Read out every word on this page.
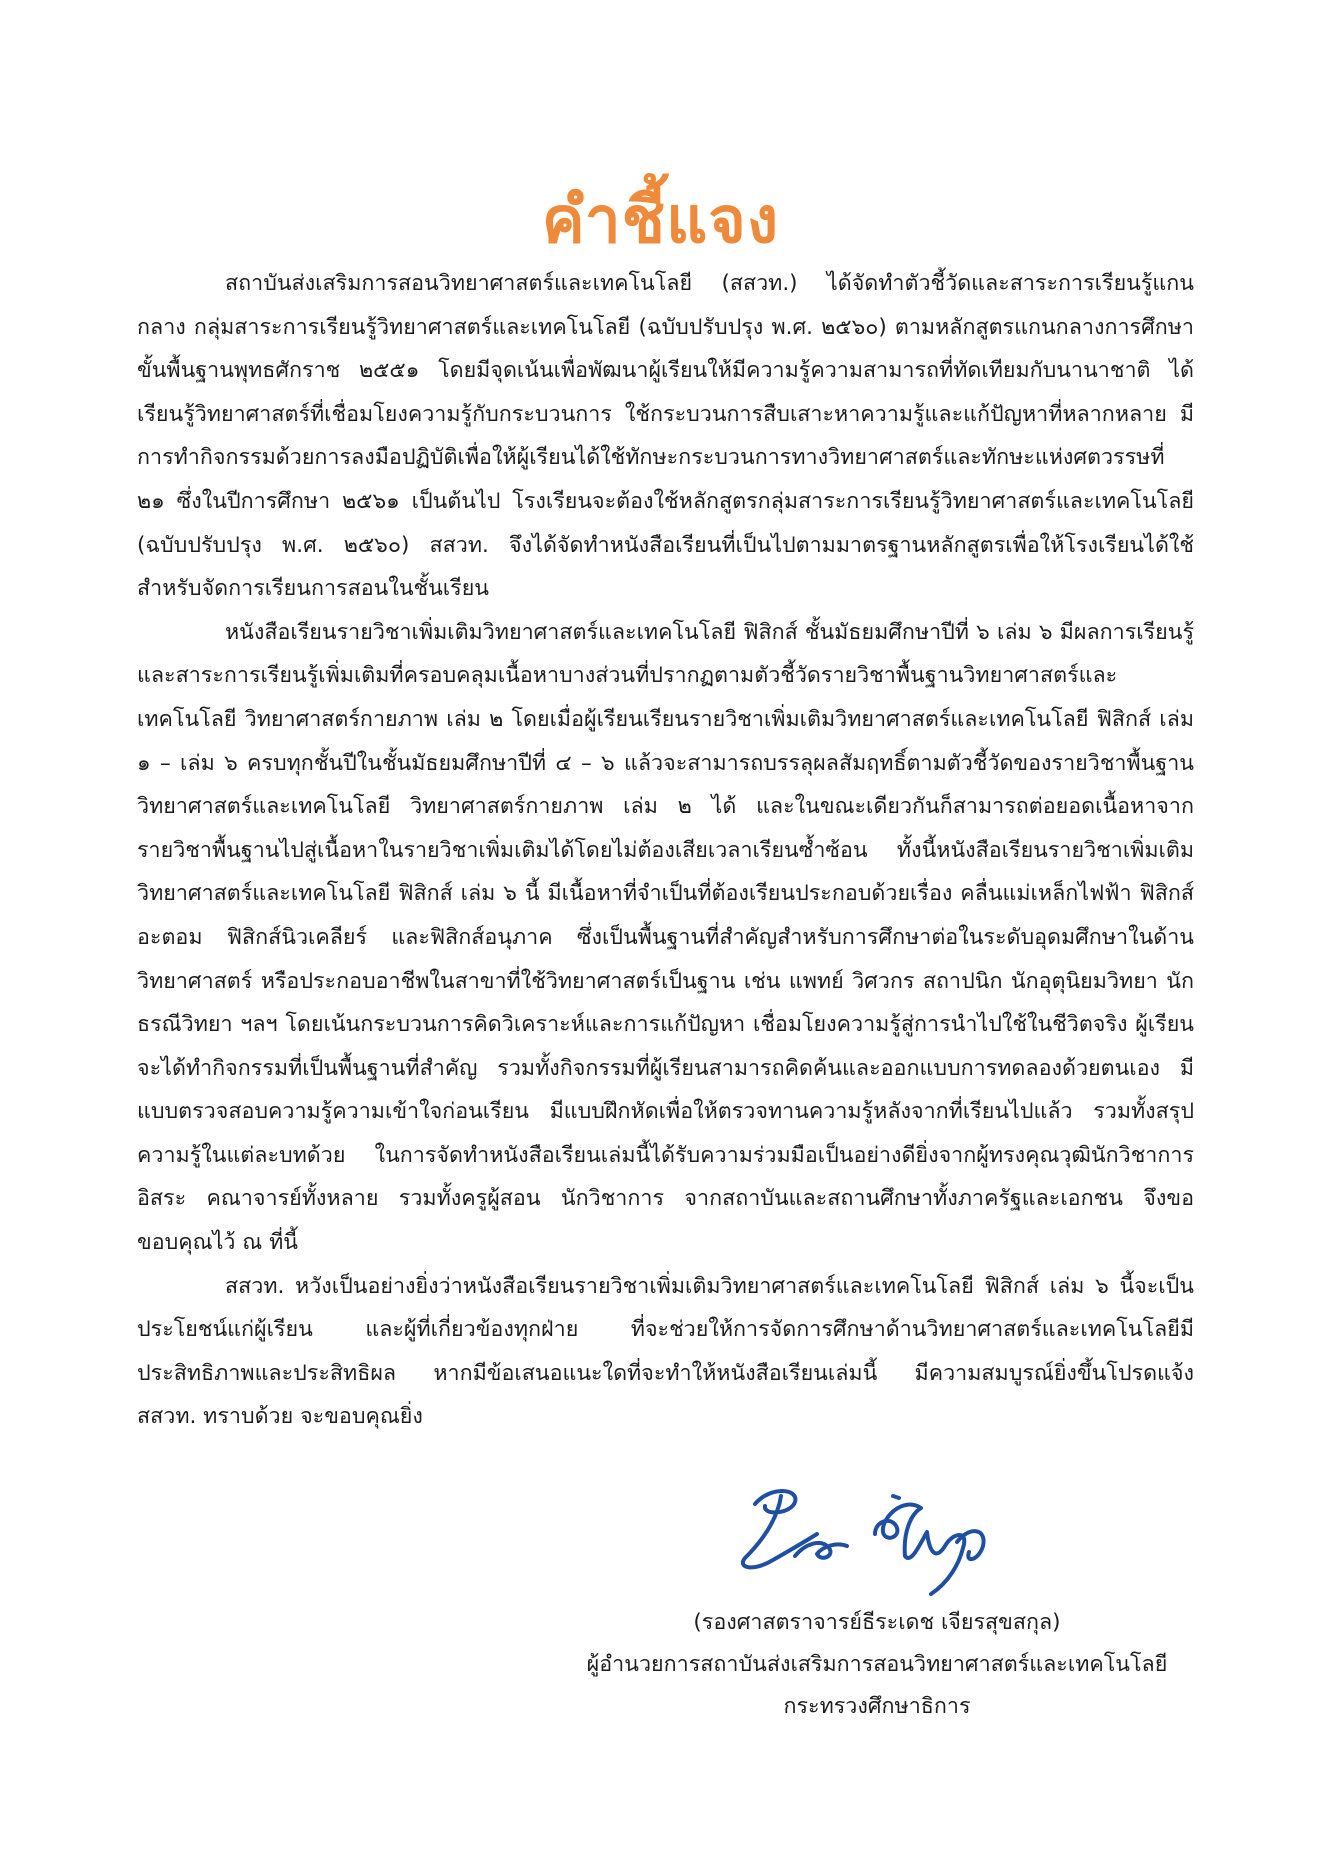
คำชี้แจง

สถาบันส่งเสริมการสอนวิทยาศาสตร์และเทคโนโลยี (สสวท.) ได้จัดทำตัวชี้วัดและสาระการเรียนรู้แกนกลาง กลุ่มสาระการเรียนรู้วิทยาศาสตร์และเทคโนโลยี (ฉบับปรับปรุง พ.ศ. ๒๕๖๐) ตามหลักสูตรแกนกลางการศึกษาขั้นพื้นฐานพุทธศักราช ๒๕๕๑ โดยมีจุดเน้นเพื่อพัฒนาผู้เรียนให้มีความรู้ความสามารถที่ทัดเทียมกับนานาชาติ ได้เรียนรู้วิทยาศาสตร์ที่เชื่อมโยงความรู้กับกระบวนการ ใช้กระบวนการสืบเสาะหาความรู้และแก้ปัญหาที่หลากหลาย มีการทำกิจกรรมด้วยการลงมือปฏิบัติเพื่อให้ผู้เรียนได้ใช้ทักษะกระบวนการทางวิทยาศาสตร์และทักษะแห่งศตวรรษที่ ๒๑ ซึ่งในปีการศึกษา ๒๕๖๑ เป็นต้นไป โรงเรียนจะต้องใช้หลักสูตรกลุ่มสาระการเรียนรู้วิทยาศาสตร์และเทคโนโลยี (ฉบับปรับปรุง พ.ศ. ๒๕๖๐) สสวท. จึงได้จัดทำหนังสือเรียนที่เป็นไปตามมาตรฐานหลักสูตรเพื่อให้โรงเรียนได้ใช้สำหรับจัดการเรียนการสอนในชั้นเรียน

หนังสือเรียนรายวิชาเพิ่มเติมวิทยาศาสตร์และเทคโนโลยี ฟิสิกส์ ชั้นมัธยมศึกษาปีที่ ๖ เล่ม ๖ มีผลการเรียนรู้และสาระการเรียนรู้เพิ่มเติมที่ครอบคลุมเนื้อหาบางส่วนที่ปรากฏตามตัวชี้วัดรายวิชาพื้นฐานวิทยาศาสตร์และเทคโนโลยี วิทยาศาสตร์กายภาพ เล่ม ๒ โดยเมื่อผู้เรียนเรียนรายวิชาเพิ่มเติมวิทยาศาสตร์และเทคโนโลยี ฟิสิกส์ เล่ม ๑ – เล่ม ๖ ครบทุกชั้นปีในชั้นมัธยมศึกษาปีที่ ๔ – ๖ แล้วจะสามารถบรรลุผลสัมฤทธิ์ตามตัวชี้วัดของรายวิชาพื้นฐานวิทยาศาสตร์และเทคโนโลยี วิทยาศาสตร์กายภาพ เล่ม ๒ ได้ และในขณะเดียวกันก็สามารถต่อยอดเนื้อหาจากรายวิชาพื้นฐานไปสู่เนื้อหาในรายวิชาเพิ่มเติมได้โดยไม่ต้องเสียเวลาเรียนซ้ำซ้อน ทั้งนี้หนังสือเรียนรายวิชาเพิ่มเติมวิทยาศาสตร์และเทคโนโลยี ฟิสิกส์ เล่ม ๖ นี้ มีเนื้อหาที่จำเป็นที่ต้องเรียนประกอบด้วยเรื่อง คลื่นแม่เหล็กไฟฟ้า ฟิสิกส์อะตอม ฟิสิกส์นิวเคลียร์ และฟิสิกส์อนุภาค ซึ่งเป็นพื้นฐานที่สำคัญสำหรับการศึกษาต่อในระดับอุดมศึกษาในด้านวิทยาศาสตร์ หรือประกอบอาชีพในสาขาที่ใช้วิทยาศาสตร์เป็นฐาน เช่น แพทย์ วิศวกร สถาปนิก นักอุตุนิยมวิทยา นักธรณีวิทยา ฯลฯ โดยเน้นกระบวนการคิดวิเคราะห์และการแก้ปัญหา เชื่อมโยงความรู้สู่การนำไปใช้ในชีวิตจริง ผู้เรียนจะได้ทำกิจกรรมที่เป็นพื้นฐานที่สำคัญ รวมทั้งกิจกรรมที่ผู้เรียนสามารถคิดค้นและออกแบบการทดลองด้วยตนเอง มีแบบตรวจสอบความรู้ความเข้าใจก่อนเรียน มีแบบฝึกหัดเพื่อให้ตรวจทานความรู้หลังจากที่เรียนไปแล้ว รวมทั้งสรุปความรู้ในแต่ละบทด้วย ในการจัดทำหนังสือเรียนเล่มนี้ได้รับความร่วมมือเป็นอย่างดียิ่งจากผู้ทรงคุณวุฒินักวิชาการอิสระ คณาจารย์ทั้งหลาย รวมทั้งครูผู้สอน นักวิชาการ จากสถาบันและสถานศึกษาทั้งภาครัฐและเอกชน จึงขอขอบคุณไว้ ณ ที่นี้

สสวท. หวังเป็นอย่างยิ่งว่าหนังสือเรียนรายวิชาเพิ่มเติมวิทยาศาสตร์และเทคโนโลยี ฟิสิกส์ เล่ม ๖ นี้จะเป็นประโยชน์แก่ผู้เรียน และผู้ที่เกี่ยวข้องทุกฝ่าย ที่จะช่วยให้การจัดการศึกษาด้านวิทยาศาสตร์และเทคโนโลยีมีประสิทธิภาพและประสิทธิผล หากมีข้อเสนอแนะใดที่จะทำให้หนังสือเรียนเล่มนี้ มีความสมบูรณ์ยิ่งขึ้นโปรดแจ้ง สสวท. ทราบด้วย จะขอบคุณยิ่ง

(รองศาสตราจารย์ธีระเดช เจียรสุขสกุล)
ผู้อำนวยการสถาบันส่งเสริมการสอนวิทยาศาสตร์และเทคโนโลยี
กระทรวงศึกษาธิการ
